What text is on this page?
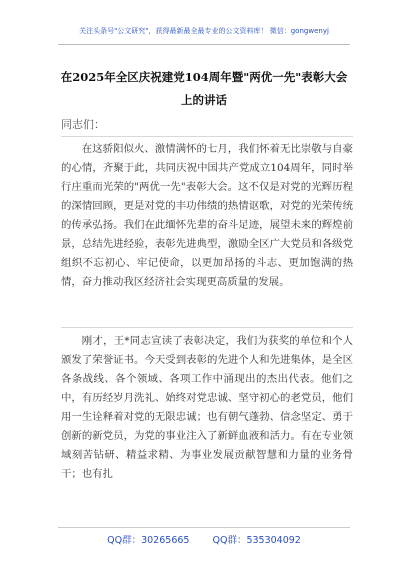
关注头条号"公文研究"，获得最新最全最专业的公文资料库！ 微信：gongwenyj
在2025年全区庆祝建党104周年暨"两优一先"表彰大会
上的讲话
同志们：
在这骄阳似火、激情满怀的七月，我们怀着无比崇敬与自豪的心情，齐聚于此，共同庆祝中国共产党成立104周年，同时举行庄重而光荣的"两优一先"表彰大会。这不仅是对党的光辉历程的深情回顾，更是对党的丰功伟绩的热情讴歌，对党的光荣传统的传承弘扬。我们在此缅怀先辈的奋斗足迹，展望未来的辉煌前景，总结先进经验，表彰先进典型，激励全区广大党员和各级党组织不忘初心、牢记使命，以更加昂扬的斗志、更加饱满的热情，奋力推动我区经济社会实现更高质量的发展。
刚才，王*同志宣读了表彰决定，我们为获奖的单位和个人颁发了荣誉证书。今天受到表彰的先进个人和先进集体，是全区各条战线、各个领域、各项工作中涌现出的杰出代表。他们之中，有历经岁月洗礼、始终对党忠诚、坚守初心的老党员，他们用一生诠释着对党的无限忠诚；也有朝气蓬勃、信念坚定、勇于创新的新党员，为党的事业注入了新鲜血液和活力。有在专业领域刻苦钻研、精益求精、为事业发展贡献智慧和力量的业务骨干；也有扎
QQ群：30265665 QQ群：535304092
